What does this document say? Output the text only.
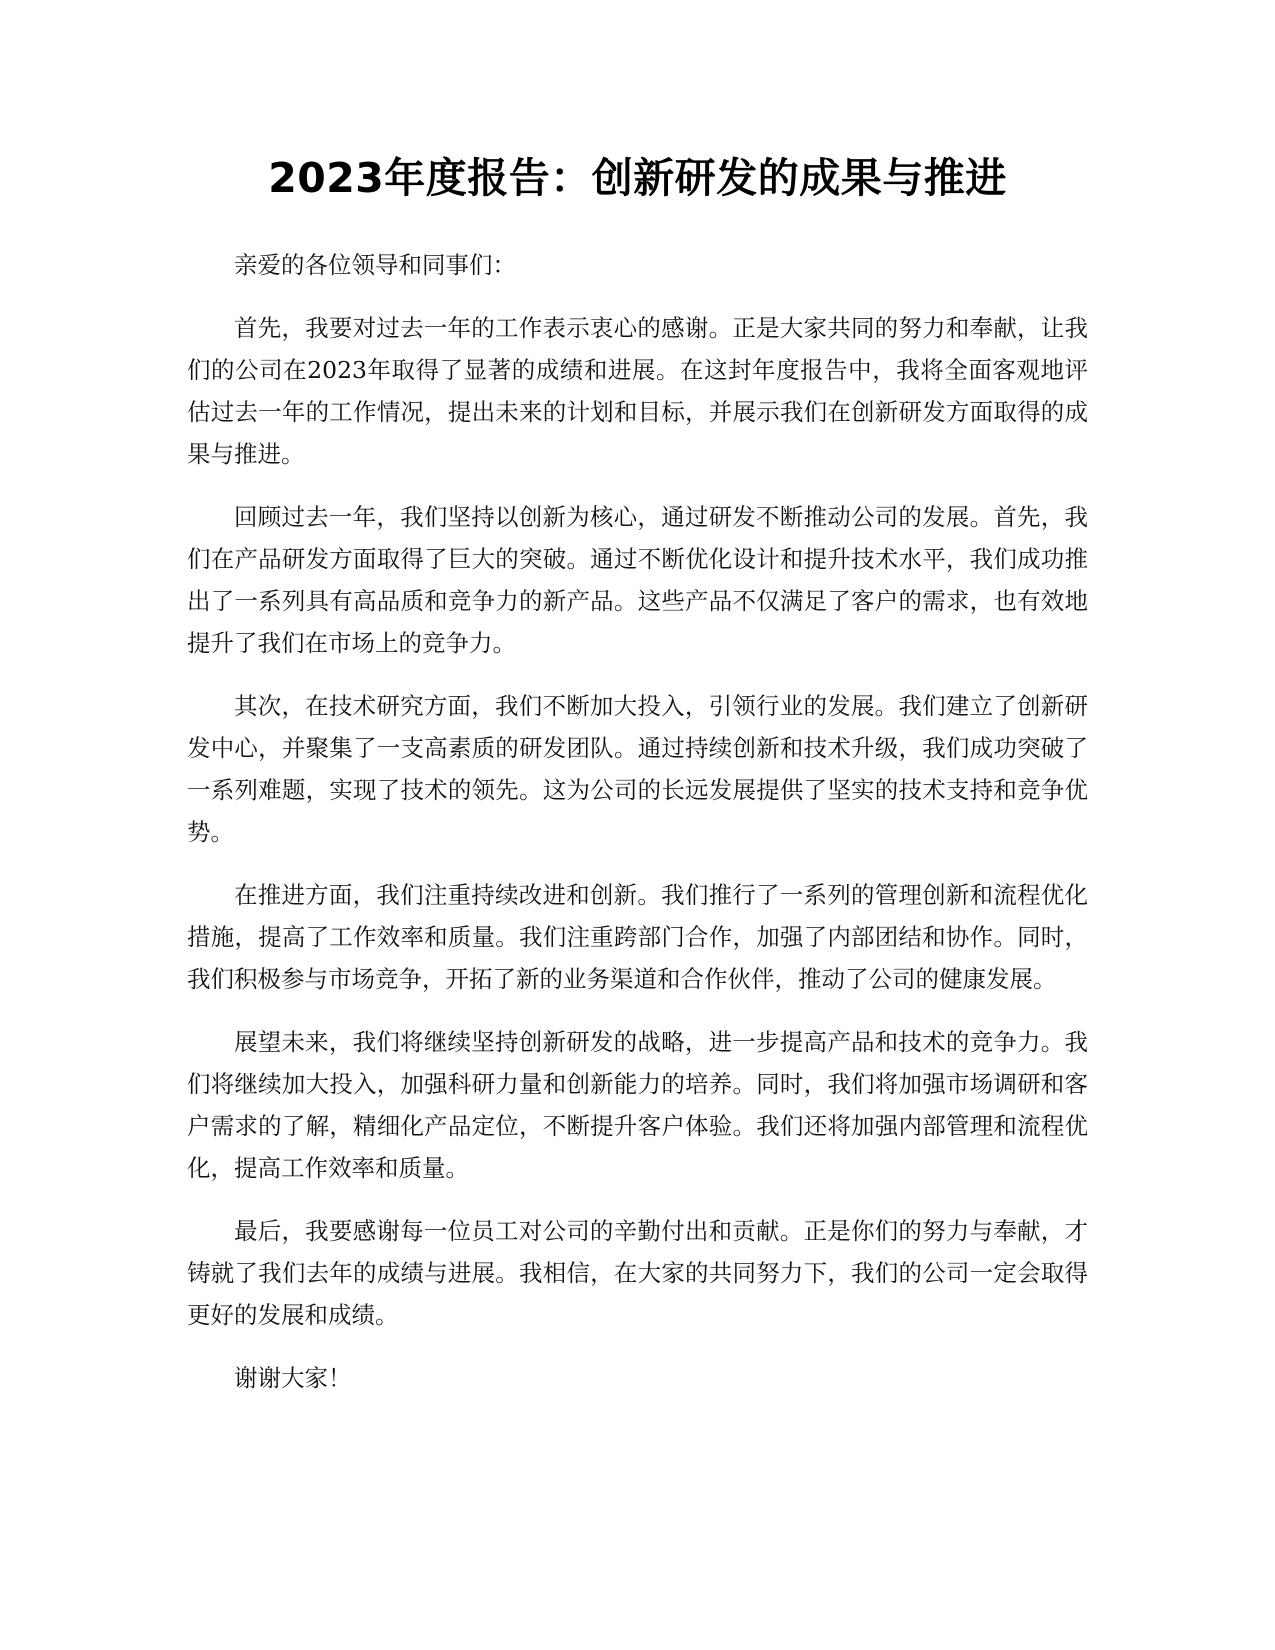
2023年度报告：创新研发的成果与推进

亲爱的各位领导和同事们：

首先，我要对过去一年的工作表示衷心的感谢。正是大家共同的努力和奉献，让我们的公司在2023年取得了显著的成绩和进展。在这封年度报告中，我将全面客观地评估过去一年的工作情况，提出未来的计划和目标，并展示我们在创新研发方面取得的成果与推进。

回顾过去一年，我们坚持以创新为核心，通过研发不断推动公司的发展。首先，我们在产品研发方面取得了巨大的突破。通过不断优化设计和提升技术水平，我们成功推出了一系列具有高品质和竞争力的新产品。这些产品不仅满足了客户的需求，也有效地提升了我们在市场上的竞争力。

其次，在技术研究方面，我们不断加大投入，引领行业的发展。我们建立了创新研发中心，并聚集了一支高素质的研发团队。通过持续创新和技术升级，我们成功突破了一系列难题，实现了技术的领先。这为公司的长远发展提供了坚实的技术支持和竞争优势。

在推进方面，我们注重持续改进和创新。我们推行了一系列的管理创新和流程优化措施，提高了工作效率和质量。我们注重跨部门合作，加强了内部团结和协作。同时，我们积极参与市场竞争，开拓了新的业务渠道和合作伙伴，推动了公司的健康发展。

展望未来，我们将继续坚持创新研发的战略，进一步提高产品和技术的竞争力。我们将继续加大投入，加强科研力量和创新能力的培养。同时，我们将加强市场调研和客户需求的了解，精细化产品定位，不断提升客户体验。我们还将加强内部管理和流程优化，提高工作效率和质量。

最后，我要感谢每一位员工对公司的辛勤付出和贡献。正是你们的努力与奉献，才铸就了我们去年的成绩与进展。我相信，在大家的共同努力下，我们的公司一定会取得更好的发展和成绩。

谢谢大家！
